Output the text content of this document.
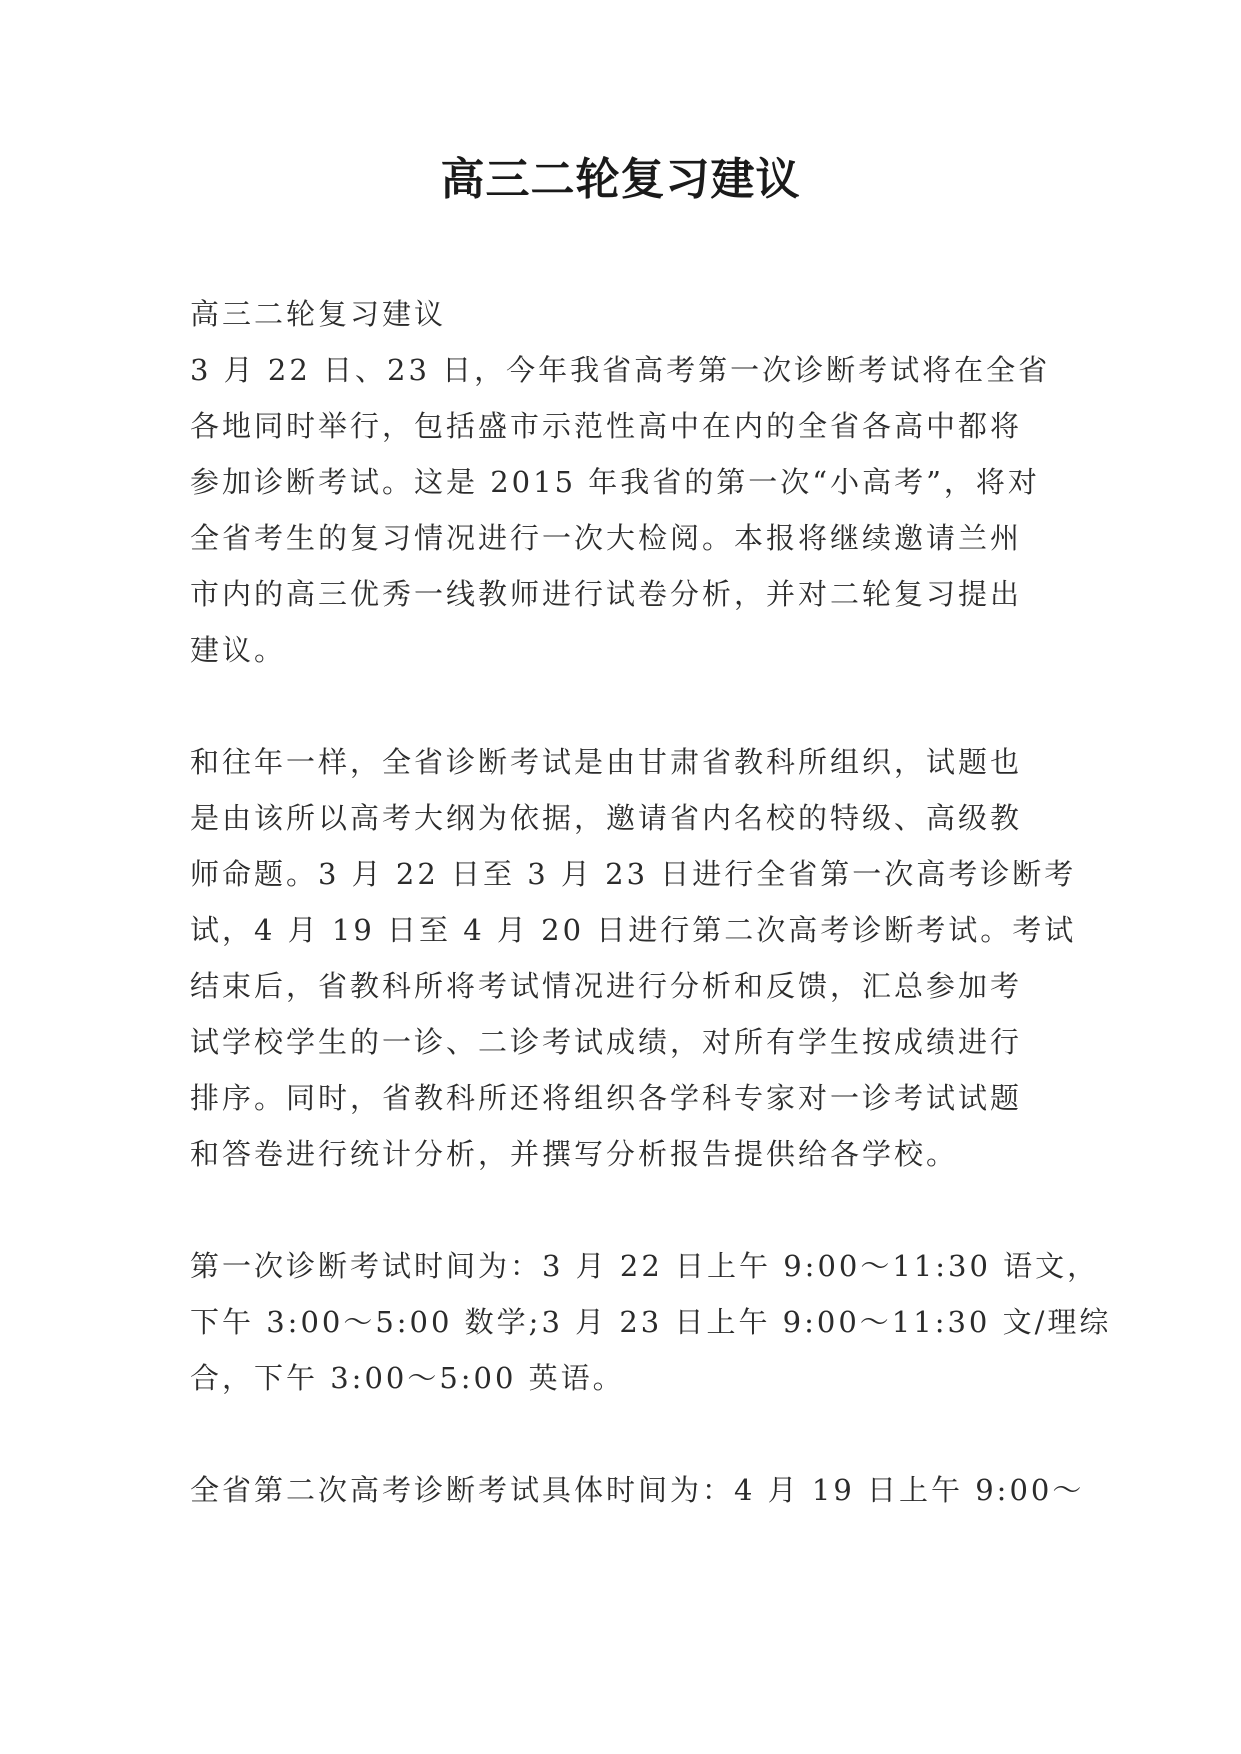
高三二轮复习建议
高三二轮复习建议
3 月 22 日、23 日，今年我省高考第一次诊断考试将在全省
各地同时举行，包括盛市示范性高中在内的全省各高中都将
参加诊断考试。这是 2015 年我省的第一次“小高考”，将对
全省考生的复习情况进行一次大检阅。本报将继续邀请兰州
市内的高三优秀一线教师进行试卷分析，并对二轮复习提出
建议。
和往年一样，全省诊断考试是由甘肃省教科所组织，试题也
是由该所以高考大纲为依据，邀请省内名校的特级、高级教
师命题。3 月 22 日至 3 月 23 日进行全省第一次高考诊断考
试，4 月 19 日至 4 月 20 日进行第二次高考诊断考试。考试
结束后，省教科所将考试情况进行分析和反馈，汇总参加考
试学校学生的一诊、二诊考试成绩，对所有学生按成绩进行
排序。同时，省教科所还将组织各学科专家对一诊考试试题
和答卷进行统计分析，并撰写分析报告提供给各学校。
第一次诊断考试时间为：3 月 22 日上午 9:00～11:30 语文，
下午 3:00～5:00 数学;3 月 23 日上午 9:00～11:30 文/理综
合，下午 3:00～5:00 英语。
全省第二次高考诊断考试具体时间为：4 月 19 日上午 9:00～
